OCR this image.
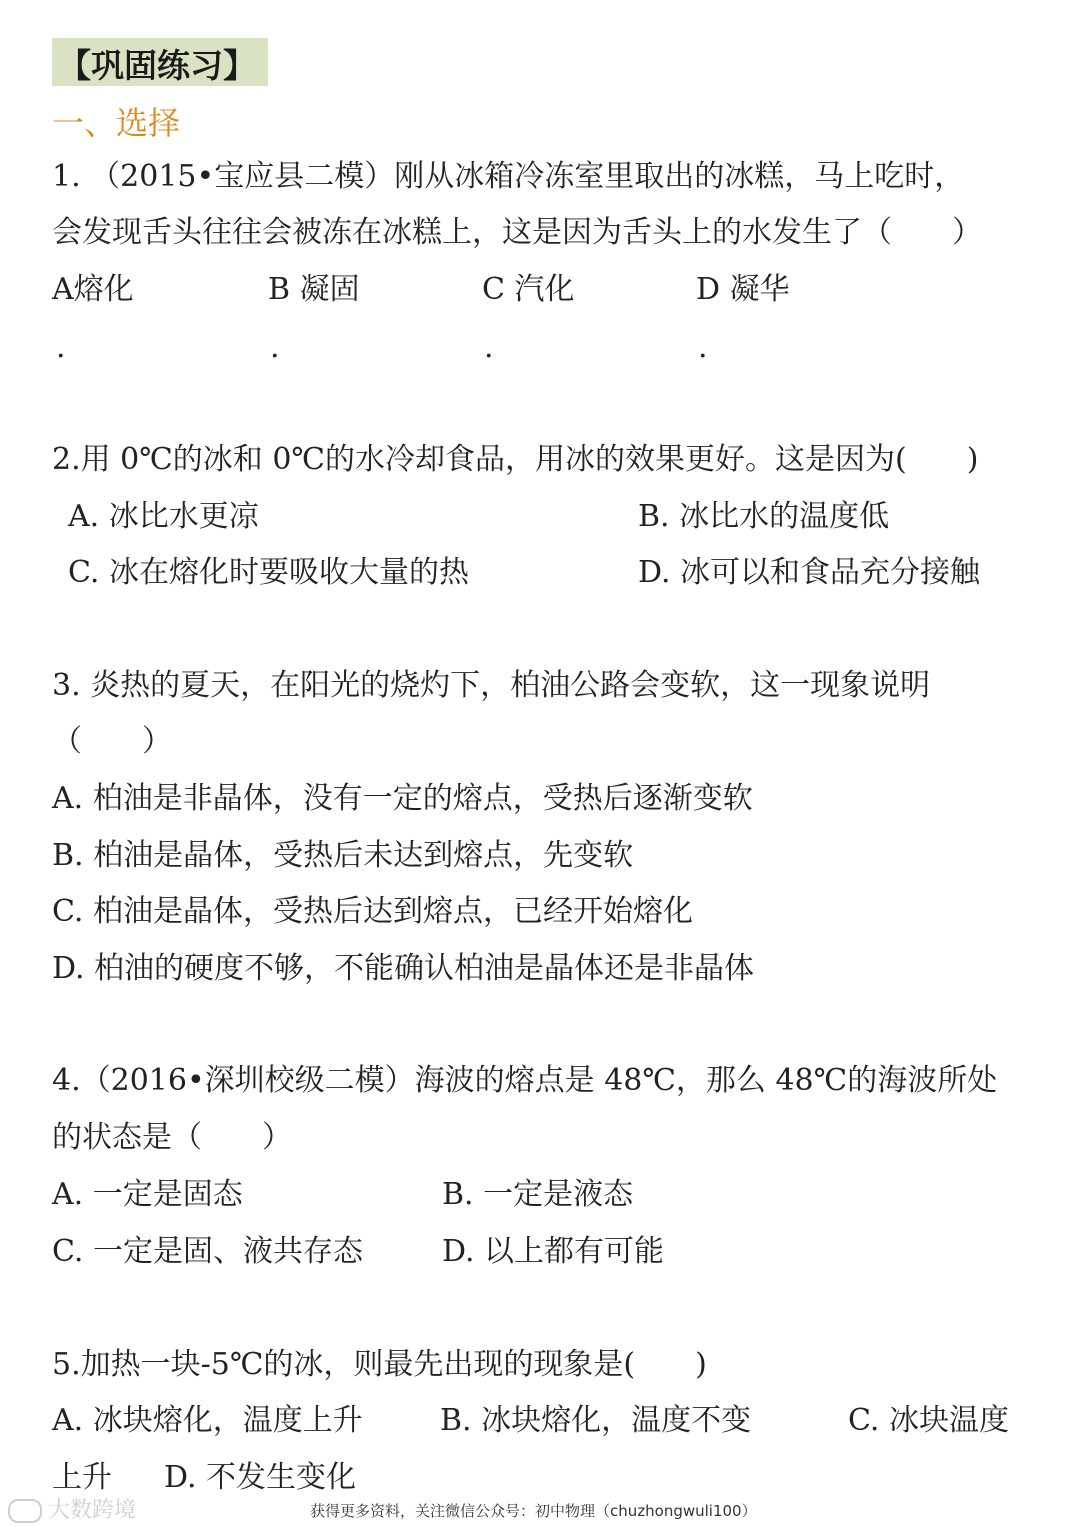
【巩固练习】
一、选择
1. （2015•宝应县二模）刚从冰箱冷冻室里取出的冰糕，马上吃时，
会发现舌头往往会被冻在冰糕上，这是因为舌头上的水发生了（　　）
A熔化	B 凝固	C 汽化	D 凝华
.	.	.	.
2.用 0℃的冰和 0℃的水冷却食品，用冰的效果更好。这是因为(　　)
A. 冰比水更凉	B. 冰比水的温度低
C. 冰在熔化时要吸收大量的热	D. 冰可以和食品充分接触
3. 炎热的夏天，在阳光的烧灼下，柏油公路会变软，这一现象说明
（　　）
A. 柏油是非晶体，没有一定的熔点，受热后逐渐变软
B. 柏油是晶体，受热后未达到熔点，先变软
C. 柏油是晶体，受热后达到熔点，已经开始熔化
D. 柏油的硬度不够，不能确认柏油是晶体还是非晶体
4.（2016•深圳校级二模）海波的熔点是 48℃，那么 48℃的海波所处
的状态是（　　）
A. 一定是固态	B. 一定是液态
C. 一定是固、液共存态	D. 以上都有可能
5.加热一块-5℃的冰，则最先出现的现象是(　　)
A. 冰块熔化，温度上升	B. 冰块熔化，温度不变	C. 冰块温度
上升 D. 不发生变化
大数跨境	获得更多资料，关注微信公众号：初中物理（chuzhongwuli100）
